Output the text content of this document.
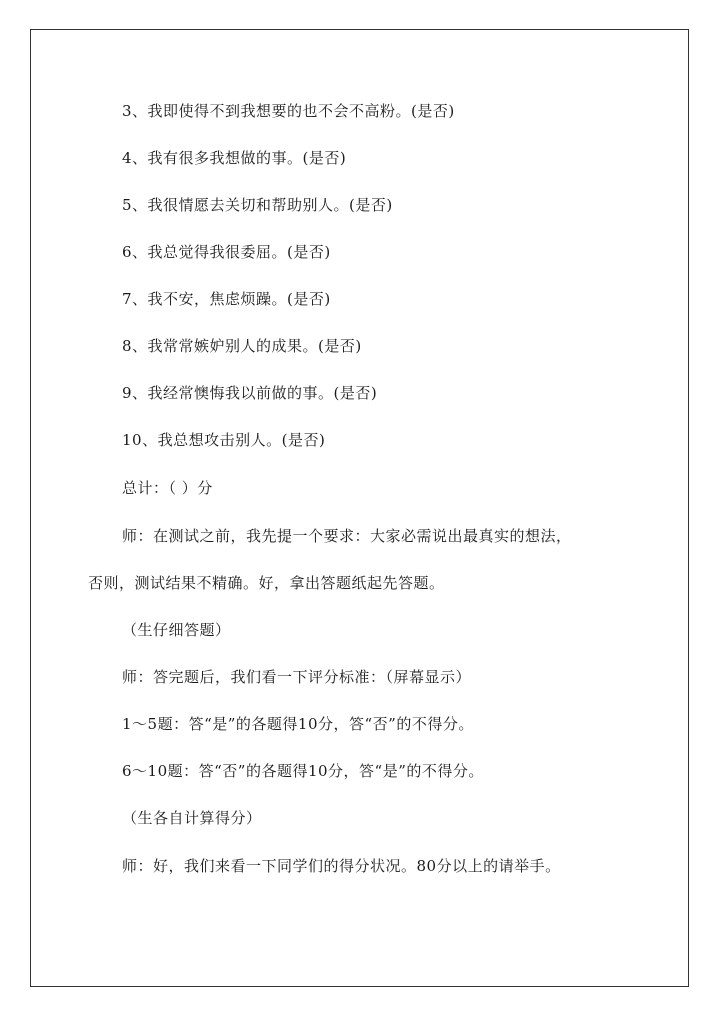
3、我即使得不到我想要的也不会不高粉。(是否)
4、我有很多我想做的事。(是否)
5、我很情愿去关切和帮助别人。(是否)
6、我总觉得我很委屈。(是否)
7、我不安，焦虑烦躁。(是否)
8、我常常嫉妒别人的成果。(是否)
9、我经常懊悔我以前做的事。(是否)
10、我总想攻击别人。(是否)
总计：（ ）分
师：在测试之前，我先提一个要求：大家必需说出最真实的想法，
否则，测试结果不精确。好，拿出答题纸起先答题。
（生仔细答题）
师：答完题后，我们看一下评分标准：（屏幕显示）
1～5题：答“是”的各题得10分，答“否”的不得分。
6～10题：答“否”的各题得10分，答“是”的不得分。
（生各自计算得分）
师：好，我们来看一下同学们的得分状况。80分以上的请举手。
